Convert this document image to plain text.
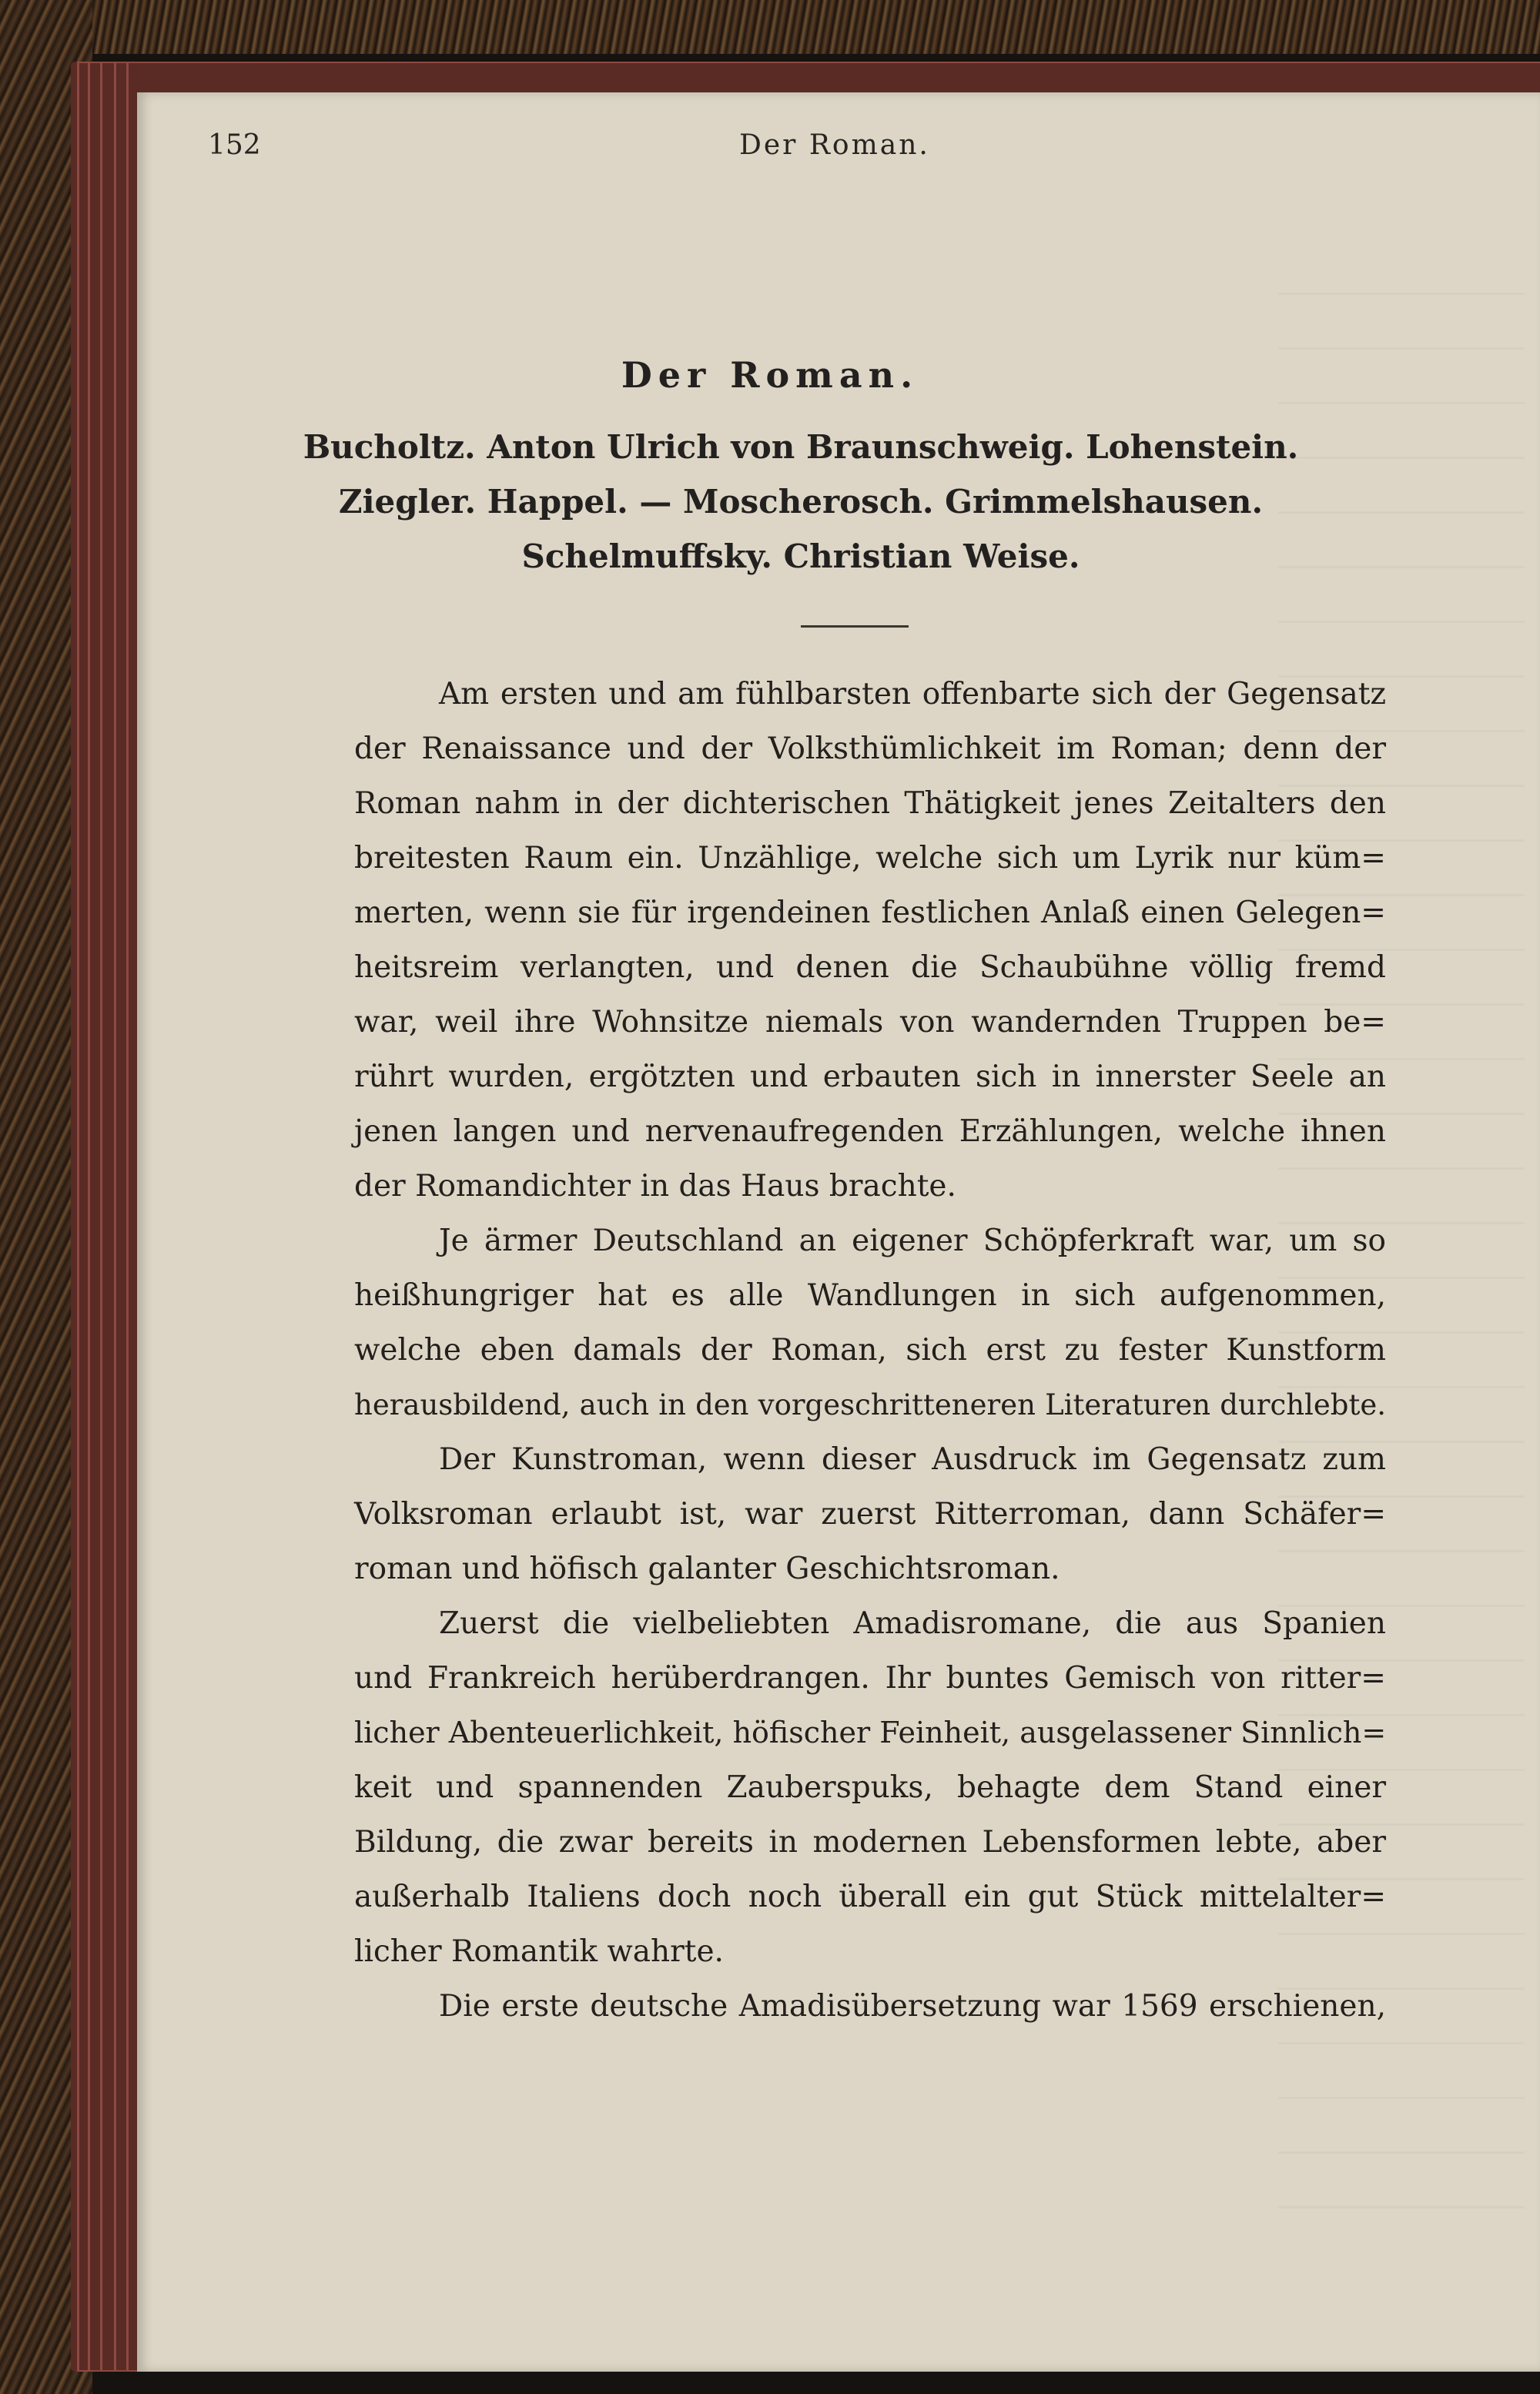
152	Der Roman.
Der Roman.
Bucholtz. Anton Ulrich von Braunschweig. Lohenstein.
Ziegler. Happel. — Moscherosch. Grimmelshausen.
Schelmuffsky. Christian Weise.
Am ersten und am fühlbarsten offenbarte sich der Gegensatz
der Renaissance und der Volksthümlichkeit im Roman; denn der
Roman nahm in der dichterischen Thätigkeit jenes Zeitalters den
breitesten Raum ein. Unzählige, welche sich um Lyrik nur küm=
merten, wenn sie für irgendeinen festlichen Anlaß einen Gelegen=
heitsreim verlangten, und denen die Schaubühne völlig fremd
war, weil ihre Wohnsitze niemals von wandernden Truppen be=
rührt wurden, ergötzten und erbauten sich in innerster Seele an
jenen langen und nervenaufregenden Erzählungen, welche ihnen
der Romandichter in das Haus brachte.
Je ärmer Deutschland an eigener Schöpferkraft war, um so
heißhungriger hat es alle Wandlungen in sich aufgenommen,
welche eben damals der Roman, sich erst zu fester Kunstform
herausbildend, auch in den vorgeschritteneren Literaturen durchlebte.
Der Kunstroman, wenn dieser Ausdruck im Gegensatz zum
Volksroman erlaubt ist, war zuerst Ritterroman, dann Schäfer=
roman und höfisch galanter Geschichtsroman.
Zuerst die vielbeliebten Amadisromane, die aus Spanien
und Frankreich herüberdrangen. Ihr buntes Gemisch von ritter=
licher Abenteuerlichkeit, höfischer Feinheit, ausgelassener Sinnlich=
keit und spannenden Zauberspuks, behagte dem Stand einer
Bildung, die zwar bereits in modernen Lebensformen lebte, aber
außerhalb Italiens doch noch überall ein gut Stück mittelalter=
licher Romantik wahrte.
Die erste deutsche Amadisübersetzung war 1569 erschienen,
